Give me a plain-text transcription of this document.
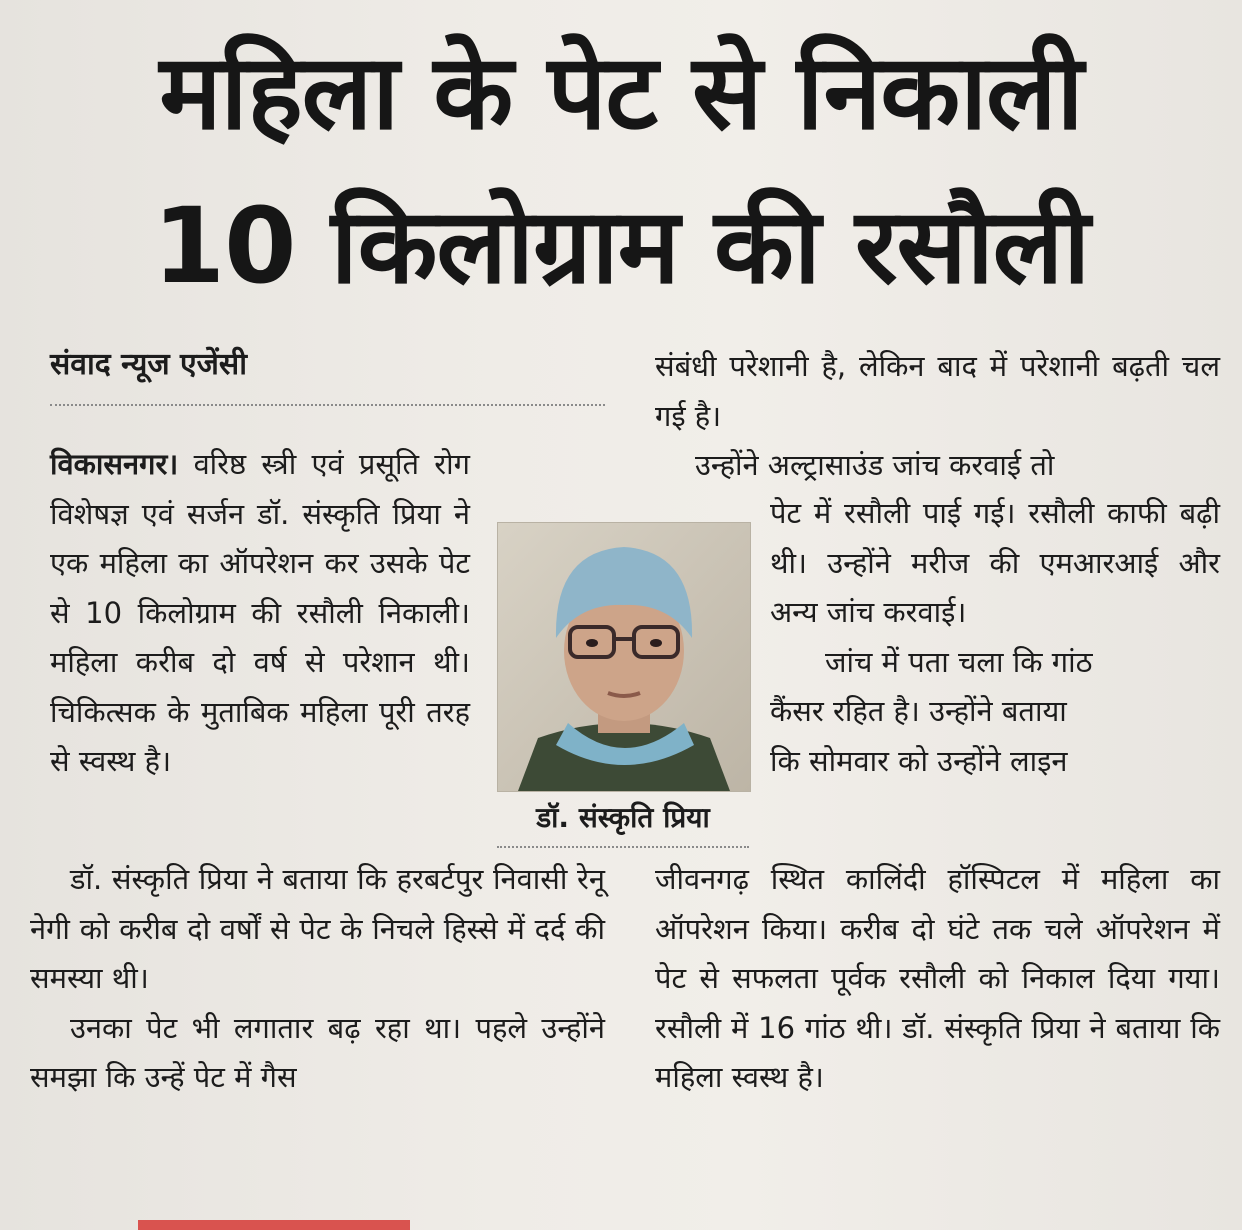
महिला के पेट से निकाली
10 किलोग्राम की रसौली

संवाद न्यूज एजेंसी

विकासनगर। वरिष्ठ स्त्री एवं प्रसूति रोग विशेषज्ञ एवं सर्जन डॉ. संस्कृति प्रिया ने एक महिला का ऑपरेशन कर उसके पेट से 10 किलोग्राम की रसौली निकाली। महिला करीब दो वर्ष से परेशान थी। चिकित्सक के मुताबिक महिला पूरी तरह से स्वस्थ है।

डॉ. संस्कृति प्रिया ने बताया कि हरबर्टपुर निवासी रेनू नेगी को करीब दो वर्षों से पेट के निचले हिस्से में दर्द की समस्या थी।

उनका पेट भी लगातार बढ़ रहा था। पहले उन्होंने समझा कि उन्हें पेट में गैस

डॉ. संस्कृति प्रिया

संबंधी परेशानी है, लेकिन बाद में परेशानी बढ़ती चल गई है।

उन्होंने अल्ट्रासाउंड जांच करवाई तो

पेट में रसौली पाई गई। रसौली काफी बढ़ी थी। उन्होंने मरीज की एमआरआई और अन्य जांच करवाई।

जांच में पता चला कि गांठ

कैंसर रहित है। उन्होंने बताया

कि सोमवार को उन्होंने लाइन

जीवनगढ़ स्थित कालिंदी हॉस्पिटल में महिला का ऑपरेशन किया। करीब दो घंटे तक चले ऑपरेशन में पेट से सफलता पूर्वक रसौली को निकाल दिया गया। रसौली में 16 गांठ थी। डॉ. संस्कृति प्रिया ने बताया कि महिला स्वस्थ है।
